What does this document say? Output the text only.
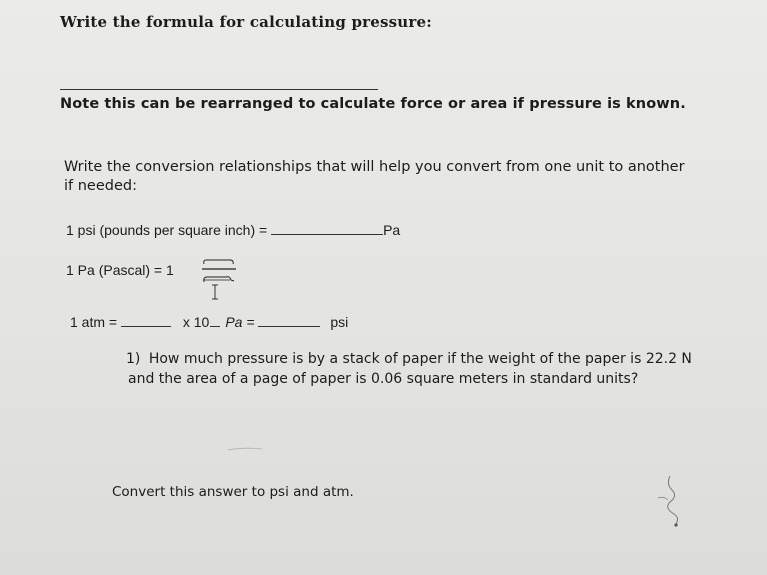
Write the formula for calculating pressure:
Note this can be rearranged to calculate force or area if pressure is known.
Write the conversion relationships that will help you convert from one unit to another
if needed:
1 psi (pounds per square inch) =	Pa
1 Pa (Pascal) = 1
1 atm =	x 10 Pa =	psi
1) How much pressure is by a stack of paper if the weight of the paper is 22.2 N
and the area of a page of paper is 0.06 square meters in standard units?
Convert this answer to psi and atm.
